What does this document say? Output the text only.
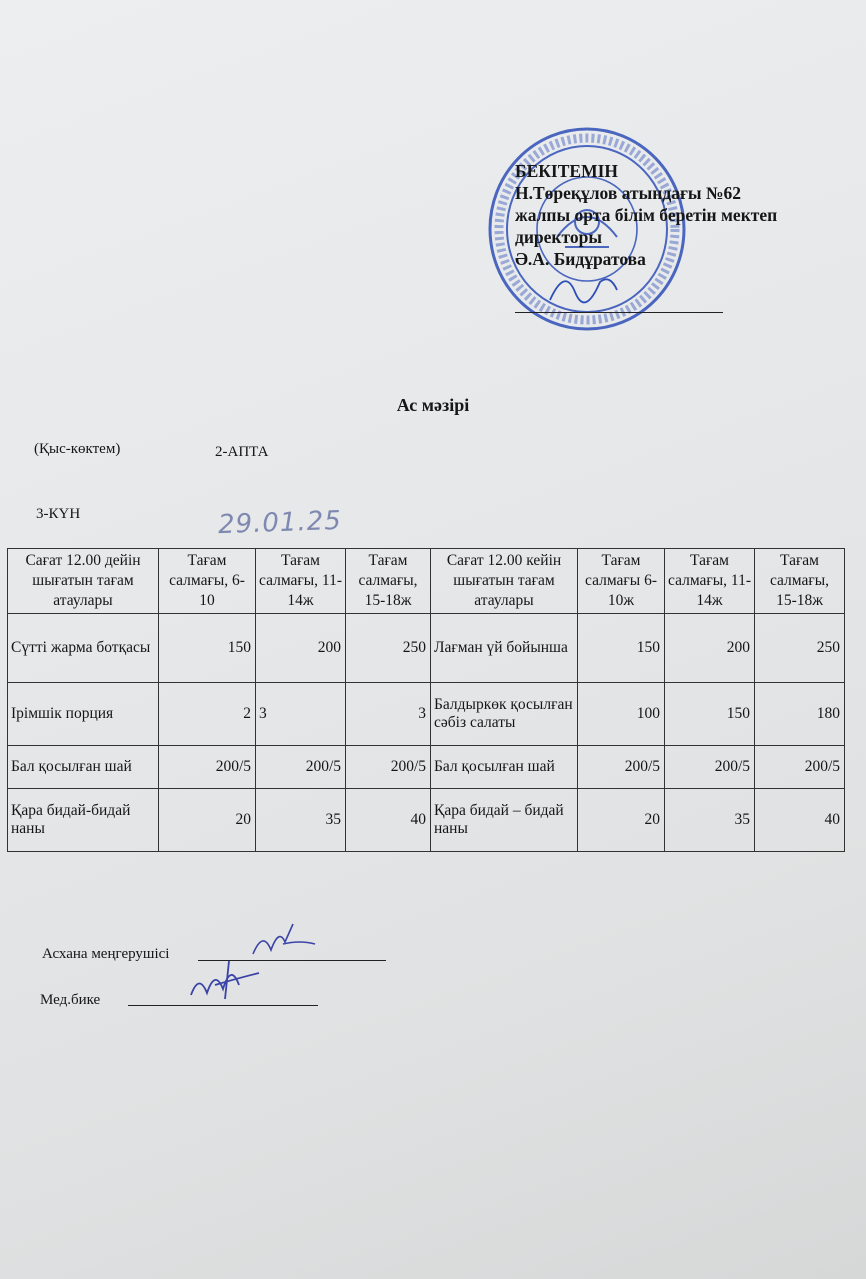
БЕКІТЕМІН
Н.Төреқұлов атындағы №62
жалпы орта білім беретін мектеп
директоры
Ә.А. Бидұратова
Ас мәзірі
(Қыс-көктем)	2-АПТА
3-КҮН	29.01.25
Сағат 12.00 дейін шығатын тағам атаулары	Тағам салмағы, 6-10	Тағам салмағы, 11-14ж	Тағам салмағы, 15-18ж	Сағат 12.00 кейін шығатын тағам атаулары	Тағам салмағы 6-10ж	Тағам салмағы, 11-14ж	Тағам салмағы, 15-18ж
Сүтті жарма ботқасы	150	200	250	Лағман үй бойынша	150	200	250
Ірімшік порция	2	3	3	Балдыркөк қосылған сәбіз салаты	100	150	180
Бал қосылған шай	200/5	200/5	200/5	Бал қосылған шай	200/5	200/5	200/5
Қара бидай-бидай наны	20	35	40	Қара бидай – бидай наны	20	35	40
Асхана меңгерушісі
Мед.бике
